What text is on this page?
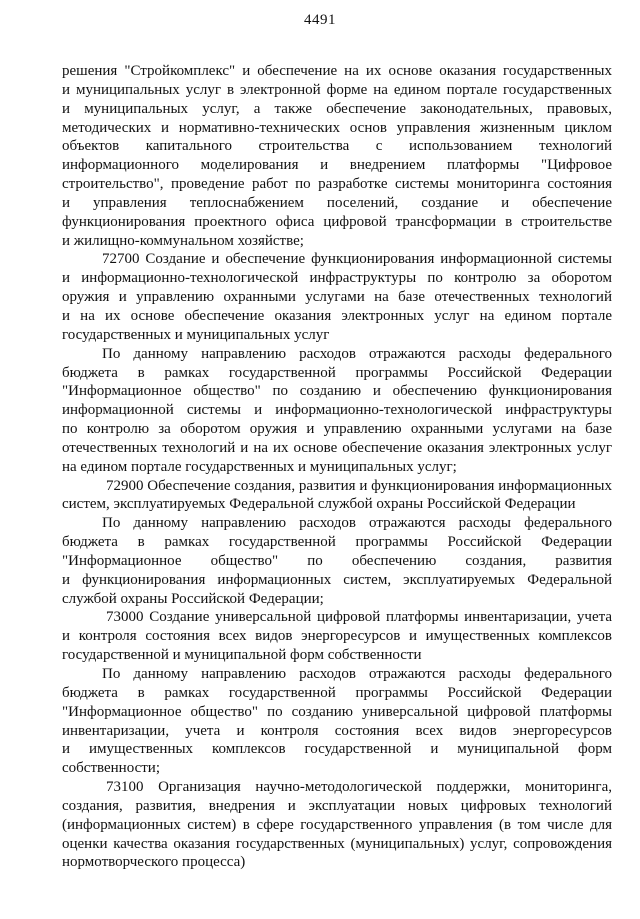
4491
решения "Стройкомплекс" и обеспечение на их основе оказания государственных
и муниципальных услуг в электронной форме на едином портале государственных
и муниципальных услуг, а также обеспечение законодательных, правовых,
методических и нормативно-технических основ управления жизненным циклом
объектов капитального строительства с использованием технологий
информационного моделирования и внедрением платформы "Цифровое
строительство", проведение работ по разработке системы мониторинга состояния
и управления теплоснабжением поселений, создание и обеспечение
функционирования проектного офиса цифровой трансформации в строительстве
и жилищно-коммунальном хозяйстве;
72700 Создание и обеспечение функционирования информационной системы
и информационно-технологической инфраструктуры по контролю за оборотом
оружия и управлению охранными услугами на базе отечественных технологий
и на их основе обеспечение оказания электронных услуг на едином портале
государственных и муниципальных услуг
По данному направлению расходов отражаются расходы федерального
бюджета в рамках государственной программы Российской Федерации
"Информационное общество" по созданию и обеспечению функционирования
информационной системы и информационно-технологической инфраструктуры
по контролю за оборотом оружия и управлению охранными услугами на базе
отечественных технологий и на их основе обеспечение оказания электронных услуг
на едином портале государственных и муниципальных услуг;
72900 Обеспечение создания, развития и функционирования информационных
систем, эксплуатируемых Федеральной службой охраны Российской Федерации
По данному направлению расходов отражаются расходы федерального
бюджета в рамках государственной программы Российской Федерации
"Информационное общество" по обеспечению создания, развития
и функционирования информационных систем, эксплуатируемых Федеральной
службой охраны Российской Федерации;
73000 Создание универсальной цифровой платформы инвентаризации, учета
и контроля состояния всех видов энергоресурсов и имущественных комплексов
государственной и муниципальной форм собственности
По данному направлению расходов отражаются расходы федерального
бюджета в рамках государственной программы Российской Федерации
"Информационное общество" по созданию универсальной цифровой платформы
инвентаризации, учета и контроля состояния всех видов энергоресурсов
и имущественных комплексов государственной и муниципальной форм
собственности;
73100 Организация научно-методологической поддержки, мониторинга,
создания, развития, внедрения и эксплуатации новых цифровых технологий
(информационных систем) в сфере государственного управления (в том числе для
оценки качества оказания государственных (муниципальных) услуг, сопровождения
нормотворческого процесса)
